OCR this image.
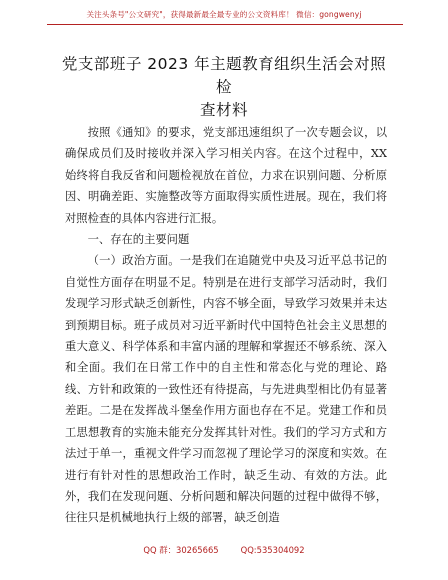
关注头条号"公文研究"，获得最新最全最专业的公文资料库！ 微信：gongwenyj
党支部班子 2023 年主题教育组织生活会对照检
查材料

按照《通知》的要求，党支部迅速组织了一次专题会议，以确保成员们及时接收并深入学习相关内容。在这个过程中，XX 始终将自我反省和问题检视放在首位，力求在识别问题、分析原因、明确差距、实施整改等方面取得实质性进展。现在，我们将对照检查的具体内容进行汇报。

一、存在的主要问题

（一）政治方面。一是我们在追随党中央及习近平总书记的自觉性方面存在明显不足。特别是在进行支部学习活动时，我们发现学习形式缺乏创新性，内容不够全面，导致学习效果并未达到预期目标。班子成员对习近平新时代中国特色社会主义思想的重大意义、科学体系和丰富内涵的理解和掌握还不够系统、深入和全面。我们在日常工作中的自主性和常态化与党的理论、路线、方针和政策的一致性还有待提高，与先进典型相比仍有显著差距。二是在发挥战斗堡垒作用方面也存在不足。党建工作和员工思想教育的实施未能充分发挥其针对性。我们的学习方式和方法过于单一，重视文件学习而忽视了理论学习的深度和实效。在进行有针对性的思想政治工作时，缺乏生动、有效的方法。此外，我们在发现问题、分析问题和解决问题的过程中做得不够，往往只是机械地执行上级的部署，缺乏创造

QQ 群：30265665	QQ:535304092
